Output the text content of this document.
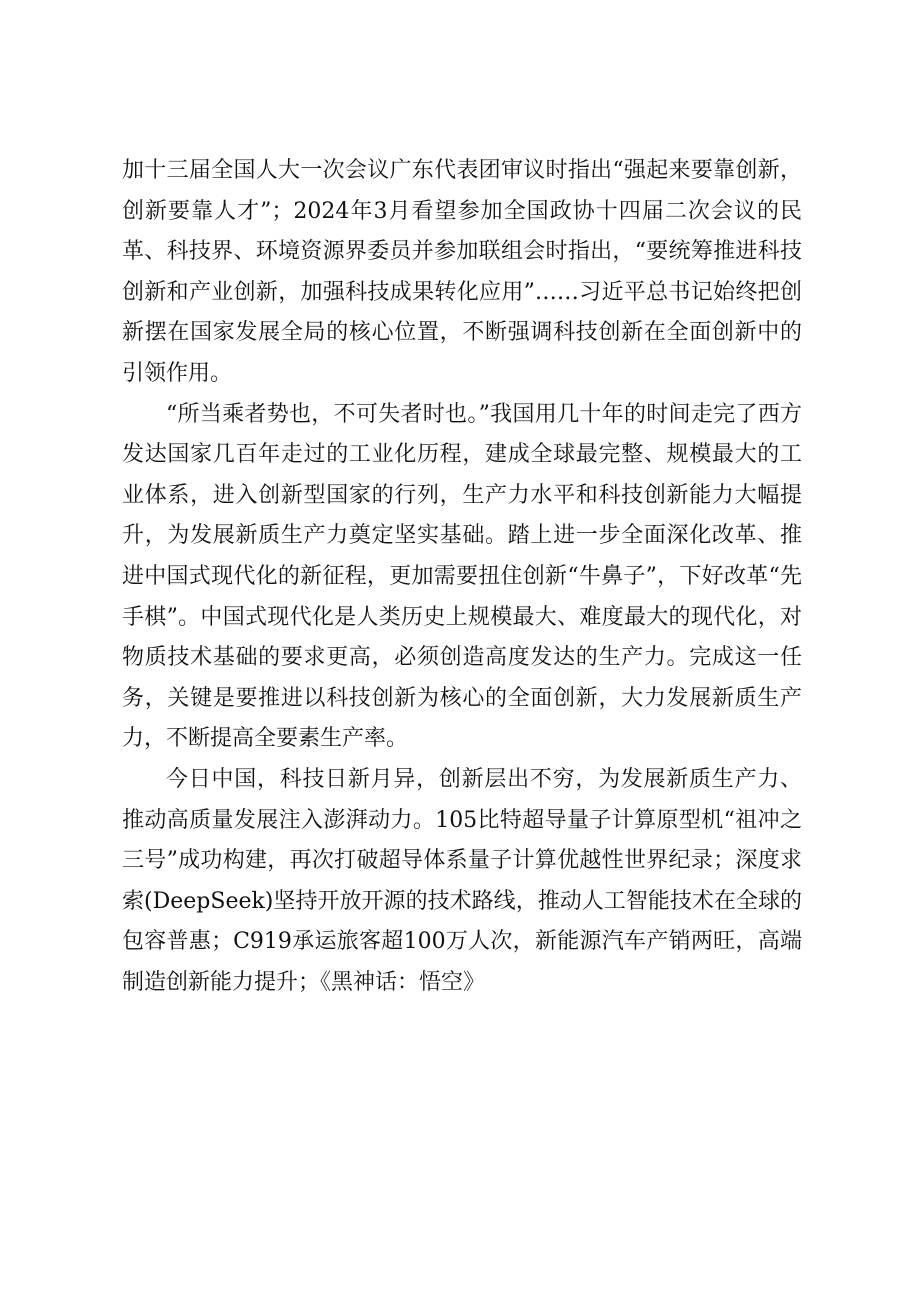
加十三届全国人大一次会议广东代表团审议时指出“强起来要靠创新，创新要靠人才”；2024年3月看望参加全国政协十四届二次会议的民革、科技界、环境资源界委员并参加联组会时指出，“要统筹推进科技创新和产业创新，加强科技成果转化应用”……习近平总书记始终把创新摆在国家发展全局的核心位置，不断强调科技创新在全面创新中的引领作用。

“所当乘者势也，不可失者时也。”我国用几十年的时间走完了西方发达国家几百年走过的工业化历程，建成全球最完整、规模最大的工业体系，进入创新型国家的行列，生产力水平和科技创新能力大幅提升，为发展新质生产力奠定坚实基础。踏上进一步全面深化改革、推进中国式现代化的新征程，更加需要扭住创新“牛鼻子”，下好改革“先手棋”。中国式现代化是人类历史上规模最大、难度最大的现代化，对物质技术基础的要求更高，必须创造高度发达的生产力。完成这一任务，关键是要推进以科技创新为核心的全面创新，大力发展新质生产力，不断提高全要素生产率。

今日中国，科技日新月异，创新层出不穷，为发展新质生产力、推动高质量发展注入澎湃动力。105比特超导量子计算原型机“祖冲之三号”成功构建，再次打破超导体系量子计算优越性世界纪录；深度求索(DeepSeek)坚持开放开源的技术路线，推动人工智能技术在全球的包容普惠；C919承运旅客超100万人次，新能源汽车产销两旺，高端制造创新能力提升；《黑神话：悟空》
